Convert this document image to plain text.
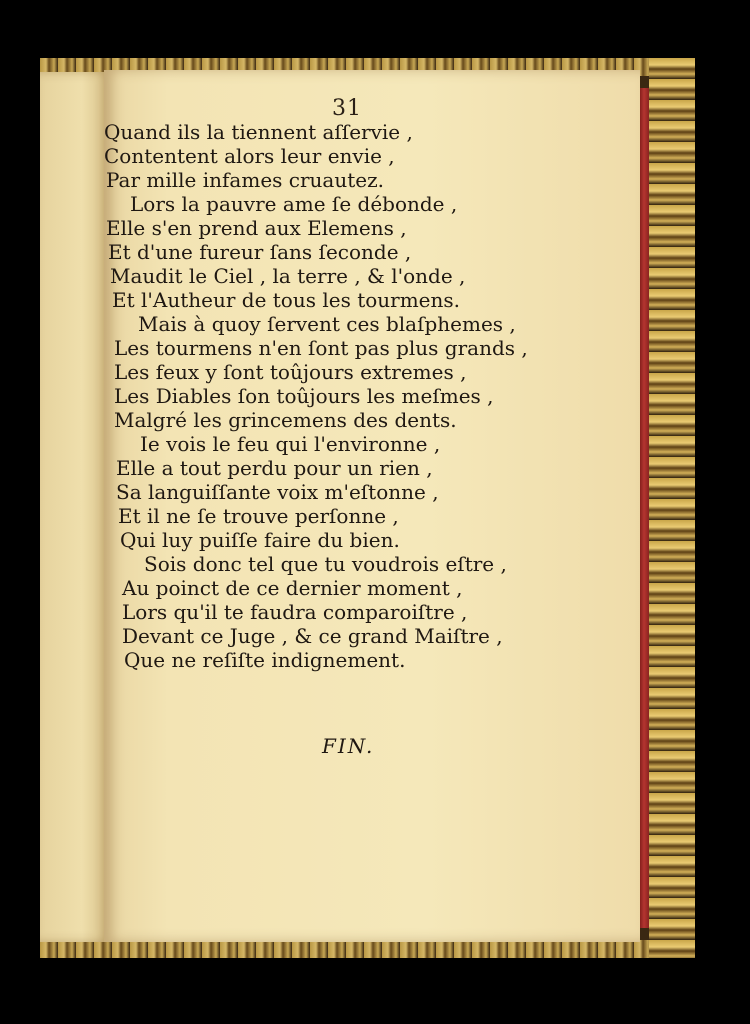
31
Quand ils la tiennent aſſervie ,
Contentent alors leur envie ,
Par mille infames cruautez.
Lors la pauvre ame ſe débonde ,
Elle s'en prend aux Elemens ,
Et d'une fureur ſans ſeconde ,
Maudit le Ciel , la terre , & l'onde ,
Et l'Autheur de tous les tourmens.
Mais à quoy ſervent ces blaſphemes ,
Les tourmens n'en ſont pas plus grands ,
Les feux y ſont toûjours extremes ,
Les Diables ſon toûjours les meſmes ,
Malgré les grincemens des dents.
Ie vois le feu qui l'environne ,
Elle a tout perdu pour un rien ,
Sa languiſſante voix m'eſtonne ,
Et il ne ſe trouve perſonne ,
Qui luy puiſſe faire du bien.
Sois donc tel que tu voudrois eſtre ,
Au poinct de ce dernier moment ,
Lors qu'il te faudra comparoiſtre ,
Devant ce Juge , & ce grand Maiſtre ,
Que ne reſiſte indignement.
FIN.
